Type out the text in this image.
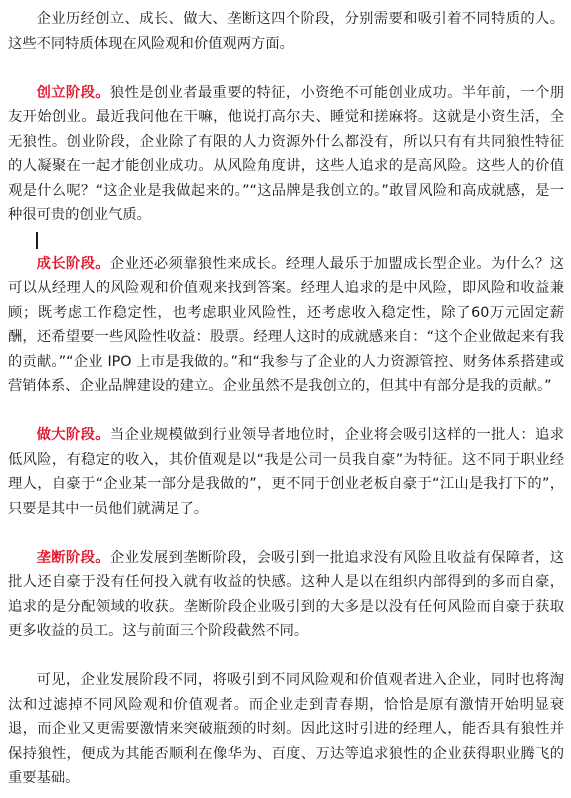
企业历经创立、成长、做大、垄断这四个阶段，分别需要和吸引着不同特质的人。这些不同特质体现在风险观和价值观两方面。

创立阶段。狼性是创业者最重要的特征，小资绝不可能创业成功。半年前，一个朋友开始创业。最近我问他在干嘛，他说打高尔夫、睡觉和搓麻将。这就是小资生活，全无狼性。创业阶段，企业除了有限的人力资源外什么都没有，所以只有有共同狼性特征的人凝聚在一起才能创业成功。从风险角度讲，这些人追求的是高风险。这些人的价值观是什么呢？“这企业是我做起来的。”“这品牌是我创立的。”敢冒风险和高成就感，是一种很可贵的创业气质。

成长阶段。企业还必须靠狼性来成长。经理人最乐于加盟成长型企业。为什么？这可以从经理人的风险观和价值观来找到答案。经理人追求的是中风险，即风险和收益兼顾；既考虑工作稳定性，也考虑职业风险性，还考虑收入稳定性，除了60万元固定薪酬，还希望要一些风险性收益：股票。经理人这时的成就感来自：“这个企业做起来有我的贡献。”“企业 IPO 上市是我做的。”和“我参与了企业的人力资源管控、财务体系搭建或营销体系、企业品牌建设的建立。企业虽然不是我创立的，但其中有部分是我的贡献。”

做大阶段。当企业规模做到行业领导者地位时，企业将会吸引这样的一批人：追求低风险，有稳定的收入，其价值观是以“我是公司一员我自豪”为特征。这不同于职业经理人，自豪于“企业某一部分是我做的”，更不同于创业老板自豪于“江山是我打下的”，只要是其中一员他们就满足了。

垄断阶段。企业发展到垄断阶段，会吸引到一批追求没有风险且收益有保障者，这批人还自豪于没有任何投入就有收益的快感。这种人是以在组织内部得到的多而自豪，追求的是分配领域的收获。垄断阶段企业吸引到的大多是以没有任何风险而自豪于获取更多收益的员工。这与前面三个阶段截然不同。

可见，企业发展阶段不同，将吸引到不同风险观和价值观者进入企业，同时也将淘汰和过滤掉不同风险观和价值观者。而企业走到青春期，恰恰是原有激情开始明显衰退，而企业又更需要激情来突破瓶颈的时刻。因此这时引进的经理人，能否具有狼性并保持狼性，便成为其能否顺利在像华为、百度、万达等追求狼性的企业获得职业腾飞的重要基础。
